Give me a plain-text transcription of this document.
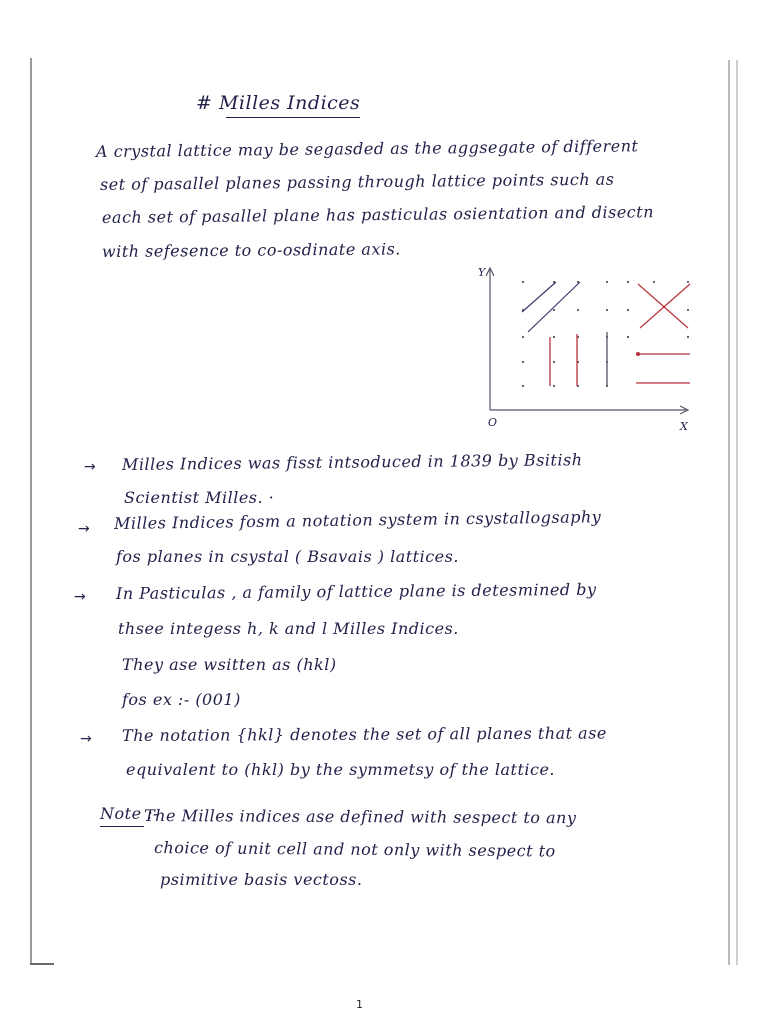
# Milles Indices
A crystal lattice may be segasded as the aggsegate of different
set of pasallel planes passing through lattice points such as
each set of pasallel plane has pasticulas osientation and disectn
with sefesence to co-osdinate axis.
Y
X
O
→ Milles Indices was fisst intsoduced in 1839 by Bsitish
Scientist Milles. ·
→ Milles Indices fosm a notation system in csystallogsaphy
fos planes in csystal ( Bsavais ) lattices.
→ In Pasticulas , a family of lattice plane is detesmined by
thsee integess h, k and l Milles Indices.
They ase wsitten as (hkl)
fos ex :- (001)
→ The notation {hkl} denotes the set of all planes that ase
equivalent to (hkl) by the symmetsy of the lattice.
Note :-
The Milles indices ase defined with sespect to any
choice of unit cell and not only with sespect to
psimitive basis vectoss.
1
